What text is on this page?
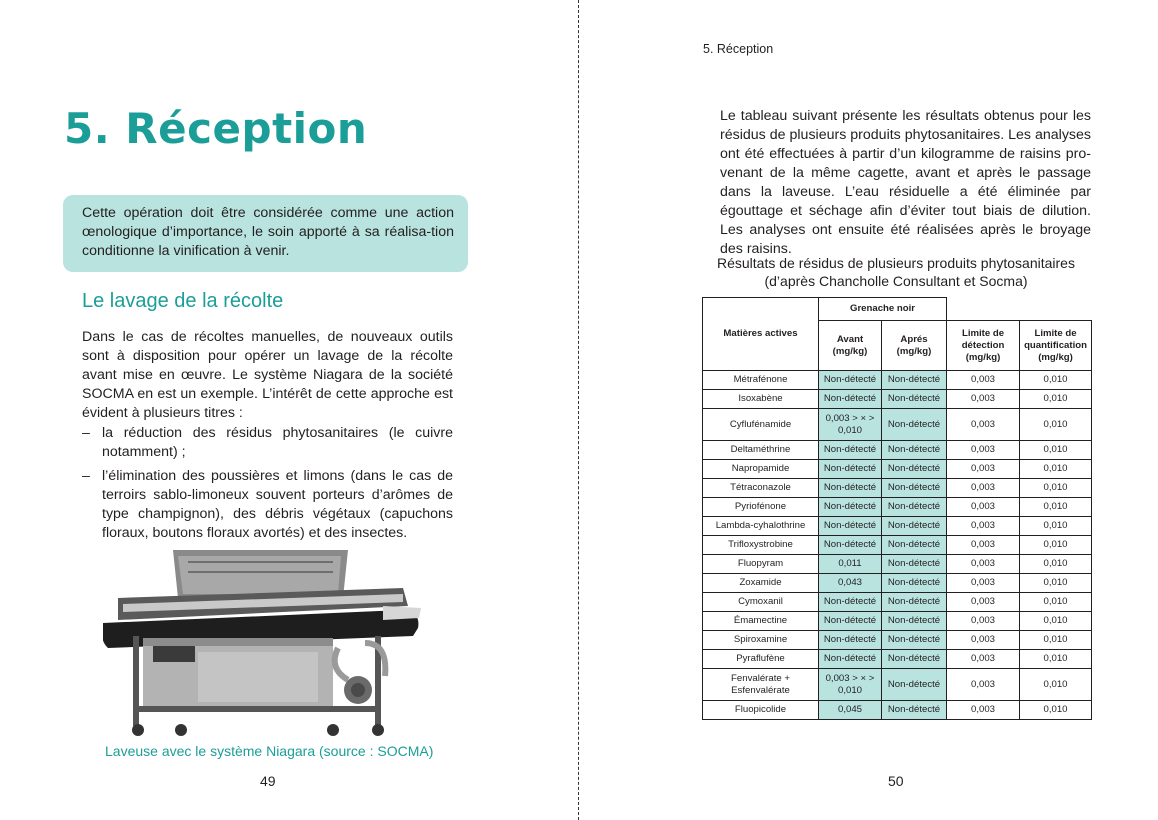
5. Réception
Cette opération doit être considérée comme une action œnologique d’importance, le soin apporté à sa réalisa-tion conditionne la vinification à venir.
Le lavage de la récolte
Dans le cas de récoltes manuelles, de nouveaux outils sont à disposition pour opérer un lavage de la récolte avant mise en œuvre. Le système Niagara de la société SOCMA en est un exemple. L’intérêt de cette approche est évident à plusieurs titres :
– la réduction des résidus phytosanitaires (le cuivre notamment) ;
– l’élimination des poussières et limons (dans le cas de terroirs sablo-limoneux souvent porteurs d’arômes de type champignon), des débris végétaux (capuchons floraux, boutons floraux avortés) et des insectes.
Laveuse avec le système Niagara (source : SOCMA)
49
5. Réception
Le tableau suivant présente les résultats obtenus pour les résidus de plusieurs produits phytosanitaires. Les analyses ont été effectuées à partir d’un kilogramme de raisins pro-venant de la même cagette, avant et après le passage dans la laveuse. L’eau résiduelle a été éliminée par égouttage et séchage afin d’éviter tout biais de dilution. Les analyses ont ensuite été réalisées après le broyage des raisins.
Résultats de résidus de plusieurs produits phytosanitaires
(d’après Chancholle Consultant et Socma)
Matières actives	Grenache noir			
	Avant (mg/kg)	Aprés (mg/kg)	Limite de détection (mg/kg)	Limite de quantification (mg/kg)
Métrafénone	Non-détecté	Non-détecté	0,003	0,010
Isoxabène	Non-détecté	Non-détecté	0,003	0,010
Cyflufénamide	0,003 > × > 0,010	Non-détecté	0,003	0,010
Deltaméthrine	Non-détecté	Non-détecté	0,003	0,010
Napropamide	Non-détecté	Non-détecté	0,003	0,010
Tétraconazole	Non-détecté	Non-détecté	0,003	0,010
Pyriofénone	Non-détecté	Non-détecté	0,003	0,010
Lambda-cyhalothrine	Non-détecté	Non-détecté	0,003	0,010
Trifloxystrobine	Non-détecté	Non-détecté	0,003	0,010
Fluopyram	0,011	Non-détecté	0,003	0,010
Zoxamide	0,043	Non-détecté	0,003	0,010
Cymoxanil	Non-détecté	Non-détecté	0,003	0,010
Émamectine	Non-détecté	Non-détecté	0,003	0,010
Spiroxamine	Non-détecté	Non-détecté	0,003	0,010
Pyraflufène	Non-détecté	Non-détecté	0,003	0,010
Fenvalérate + Esfenvalérate	0,003 > × > 0,010	Non-détecté	0,003	0,010
Fluopicolide	0,045	Non-détecté	0,003	0,010
50
